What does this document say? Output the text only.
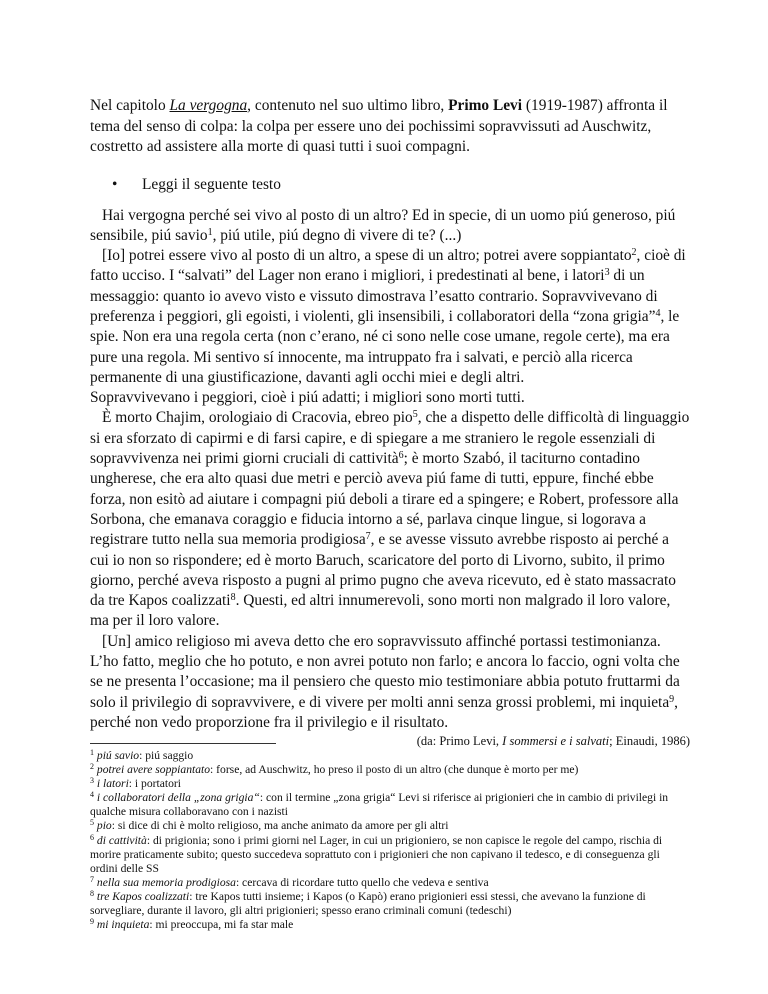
Nel capitolo La vergogna, contenuto nel suo ultimo libro, Primo Levi (1919-1987) affronta il tema del senso di colpa: la colpa per essere uno dei pochissimi sopravvissuti ad Auschwitz, costretto ad assistere alla morte di quasi tutti i suoi compagni.

•	Leggi il seguente testo

Hai vergogna perché sei vivo al posto di un altro? Ed in specie, di un uomo piú generoso, piú sensibile, piú savio$^1$, piú utile, piú degno di vivere di te? (...)

[Io] potrei essere vivo al posto di un altro, a spese di un altro; potrei avere soppiantato$^2$, cioè di fatto ucciso. I “salvati” del Lager non erano i migliori, i predestinati al bene, i latori$^3$ di un messaggio: quanto io avevo visto e vissuto dimostrava l’esatto contrario. Sopravvivevano di preferenza i peggiori, gli egoisti, i violenti, gli insensibili, i collaboratori della “zona grigia”$^4$, le spie. Non era una regola certa (non c’erano, né ci sono nelle cose umane, regole certe), ma era pure una regola. Mi sentivo sí innocente, ma intruppato fra i salvati, e perciò alla ricerca permanente di una giustificazione, davanti agli occhi miei e degli altri.

Sopravvivevano i peggiori, cioè i piú adatti; i migliori sono morti tutti.

È morto Chajim, orologiaio di Cracovia, ebreo pio$^5$, che a dispetto delle difficoltà di linguaggio si era sforzato di capirmi e di farsi capire, e di spiegare a me straniero le regole essenziali di sopravvivenza nei primi giorni cruciali di cattività$^6$; è morto Szabó, il taciturno contadino ungherese, che era alto quasi due metri e perciò aveva piú fame di tutti, eppure, finché ebbe forza, non esitò ad aiutare i compagni piú deboli a tirare ed a spingere; e Robert, professore alla Sorbona, che emanava coraggio e fiducia intorno a sé, parlava cinque lingue, si logorava a registrare tutto nella sua memoria prodigiosa$^7$, e se avesse vissuto avrebbe risposto ai perché a cui io non so rispondere; ed è morto Baruch, scaricatore del porto di Livorno, subito, il primo giorno, perché aveva risposto a pugni al primo pugno che aveva ricevuto, ed è stato massacrato da tre Kapos coalizzati$^8$. Questi, ed altri innumerevoli, sono morti non malgrado il loro valore, ma per il loro valore.

[Un] amico religioso mi aveva detto che ero sopravvissuto affinché portassi testimonianza. L’ho fatto, meglio che ho potuto, e non avrei potuto non farlo; e ancora lo faccio, ogni volta che se ne presenta l’occasione; ma il pensiero che questo mio testimoniare abbia potuto fruttarmi da solo il privilegio di sopravvivere, e di vivere per molti anni senza grossi problemi, mi inquieta$^9$, perché non vedo proporzione fra il privilegio e il risultato.

(da: Primo Levi, I sommersi e i salvati; Einaudi, 1986)

$^1$ piú savio: piú saggio

$^2$ potrei avere soppiantato: forse, ad Auschwitz, ho preso il posto di un altro (che dunque è morto per me)

$^3$ i latori: i portatori

$^4$ i collaboratori della „zona grigia“: con il termine „zona grigia“ Levi si riferisce ai prigionieri che in cambio di privilegi in qualche misura collaboravano con i nazisti

$^5$ pio: si dice di chi è molto religioso, ma anche animato da amore per gli altri

$^6$ di cattività: di prigionia; sono i primi giorni nel Lager, in cui un prigioniero, se non capisce le regole del campo, rischia di morire praticamente subito; questo succedeva soprattuto con i prigionieri che non capivano il tedesco, e di conseguenza gli ordini delle SS

$^7$ nella sua memoria prodigiosa: cercava di ricordare tutto quello che vedeva e sentiva

$^8$ tre Kapos coalizzati: tre Kapos tutti insieme; i Kapos (o Kapò) erano prigionieri essi stessi, che avevano la funzione di sorvegliare, durante il lavoro, gli altri prigionieri; spesso erano criminali comuni (tedeschi)

$^9$ mi inquieta: mi preoccupa, mi fa star male
